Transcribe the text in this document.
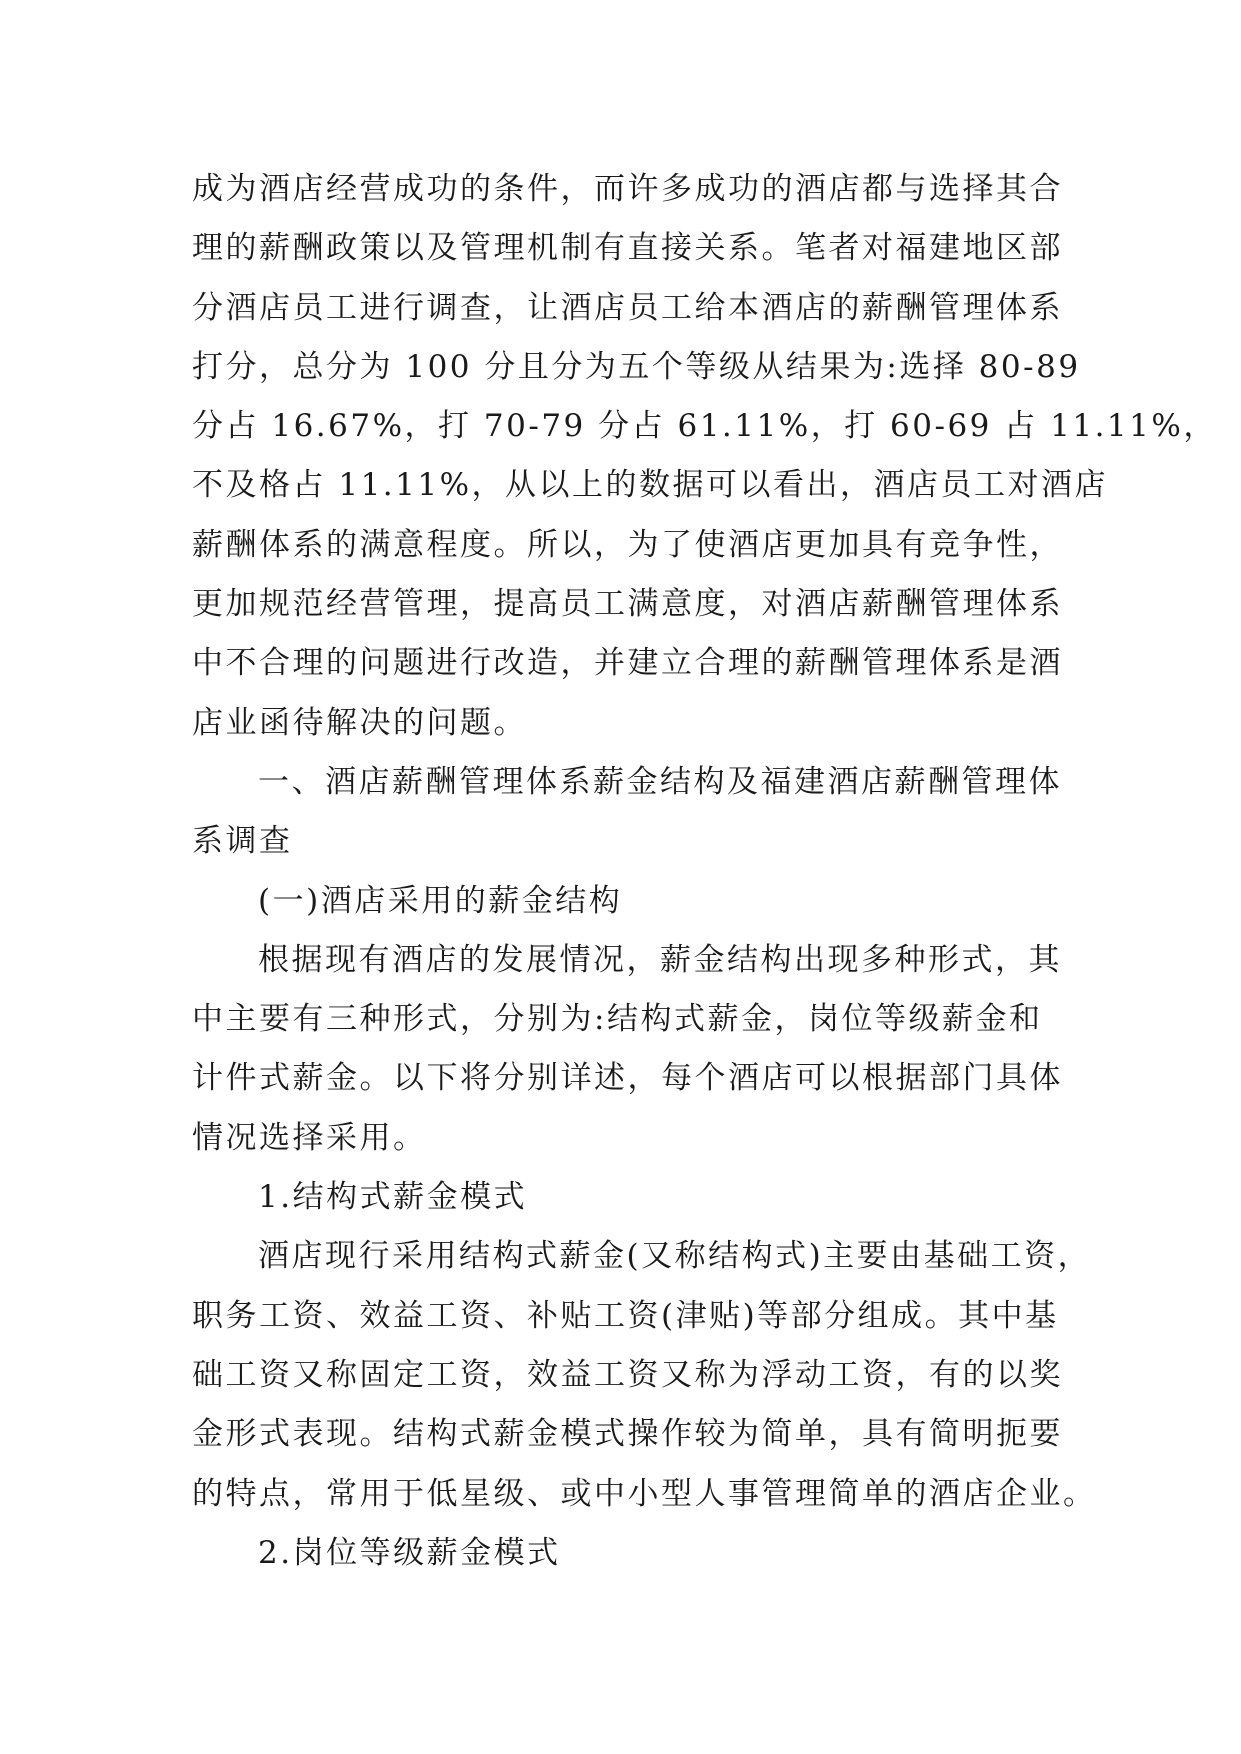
成为酒店经营成功的条件，而许多成功的酒店都与选择其合
理的薪酬政策以及管理机制有直接关系。笔者对福建地区部
分酒店员工进行调查，让酒店员工给本酒店的薪酬管理体系
打分，总分为 100 分且分为五个等级从结果为:选择 80-89
分占 16.67%，打 70-79 分占 61.11%，打 60-69 占 11.11%，
不及格占 11.11%，从以上的数据可以看出，酒店员工对酒店
薪酬体系的满意程度。所以，为了使酒店更加具有竞争性，
更加规范经营管理，提高员工满意度，对酒店薪酬管理体系
中不合理的问题进行改造，并建立合理的薪酬管理体系是酒
店业函待解决的问题。
一、酒店薪酬管理体系薪金结构及福建酒店薪酬管理体
系调查
(一)酒店采用的薪金结构
根据现有酒店的发展情况，薪金结构出现多种形式，其
中主要有三种形式，分别为:结构式薪金，岗位等级薪金和
计件式薪金。以下将分别详述，每个酒店可以根据部门具体
情况选择采用。
1.结构式薪金模式
酒店现行采用结构式薪金(又称结构式)主要由基础工资，
职务工资、效益工资、补贴工资(津贴)等部分组成。其中基
础工资又称固定工资，效益工资又称为浮动工资，有的以奖
金形式表现。结构式薪金模式操作较为简单，具有简明扼要
的特点，常用于低星级、或中小型人事管理简单的酒店企业。
2.岗位等级薪金模式
